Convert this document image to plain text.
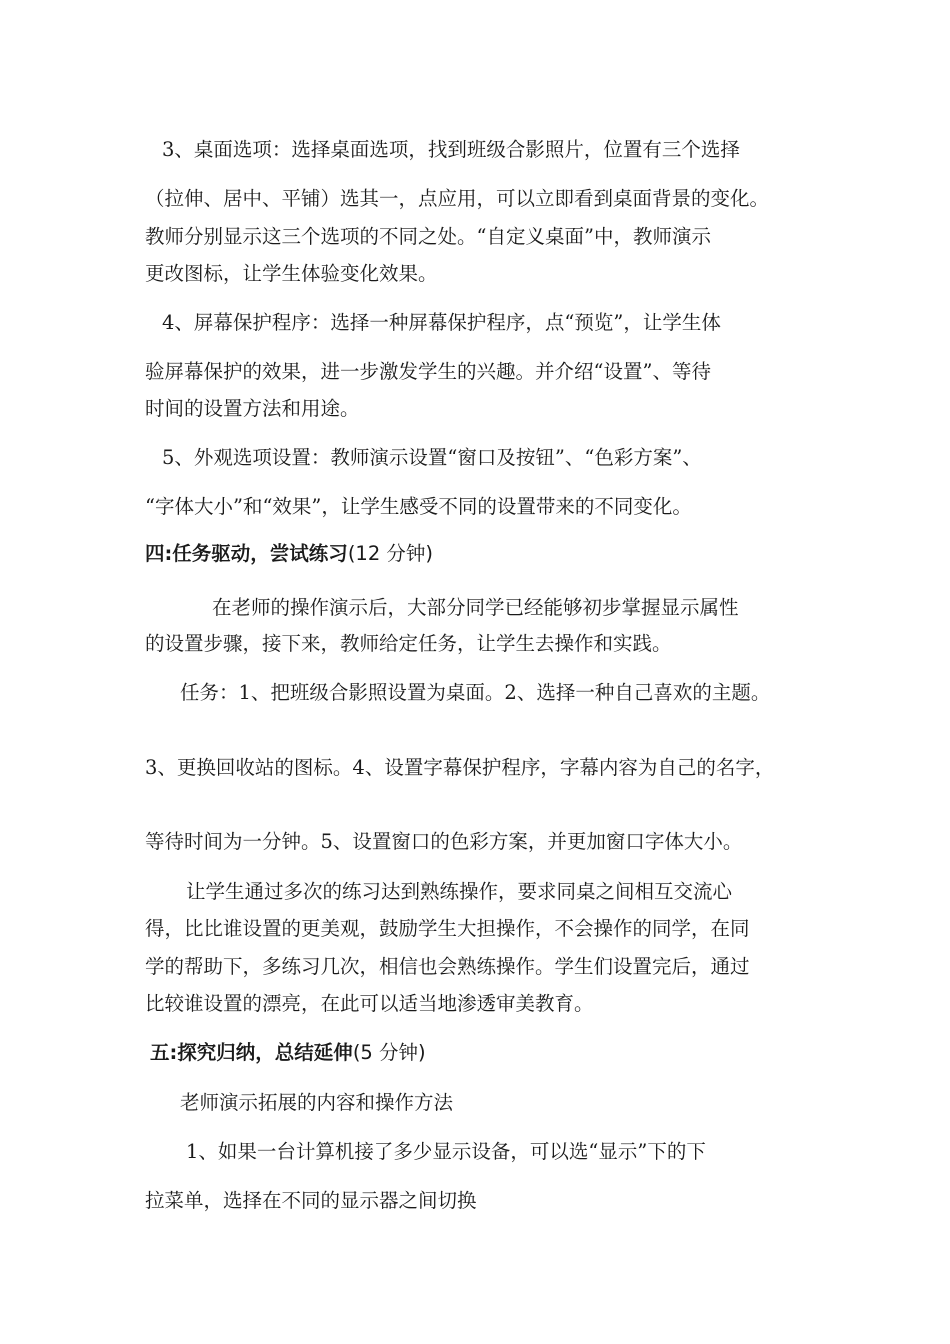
3、桌面选项：选择桌面选项，找到班级合影照片，位置有三个选择
（拉伸、居中、平铺）选其一，点应用，可以立即看到桌面背景的变化。
教师分别显示这三个选项的不同之处。“自定义桌面”中，教师演示
更改图标，让学生体验变化效果。
4、屏幕保护程序：选择一种屏幕保护程序，点“预览”，让学生体
验屏幕保护的效果，进一步激发学生的兴趣。并介绍“设置”、等待
时间的设置方法和用途。
5、外观选项设置：教师演示设置“窗口及按钮”、“色彩方案”、
“字体大小”和“效果”，让学生感受不同的设置带来的不同变化。
四:任务驱动，尝试练习(12 分钟)
在老师的操作演示后，大部分同学已经能够初步掌握显示属性
的设置步骤，接下来，教师给定任务，让学生去操作和实践。
任务：1、把班级合影照设置为桌面。2、选择一种自己喜欢的主题。
3、更换回收站的图标。4、设置字幕保护程序，字幕内容为自己的名字，
等待时间为一分钟。5、设置窗口的色彩方案，并更加窗口字体大小。
让学生通过多次的练习达到熟练操作，要求同桌之间相互交流心
得，比比谁设置的更美观，鼓励学生大担操作，不会操作的同学，在同
学的帮助下，多练习几次，相信也会熟练操作。学生们设置完后，通过
比较谁设置的漂亮，在此可以适当地渗透审美教育。
五:探究归纳，总结延伸(5 分钟)
老师演示拓展的内容和操作方法
1、如果一台计算机接了多少显示设备，可以选“显示”下的下
拉菜单，选择在不同的显示器之间切换
